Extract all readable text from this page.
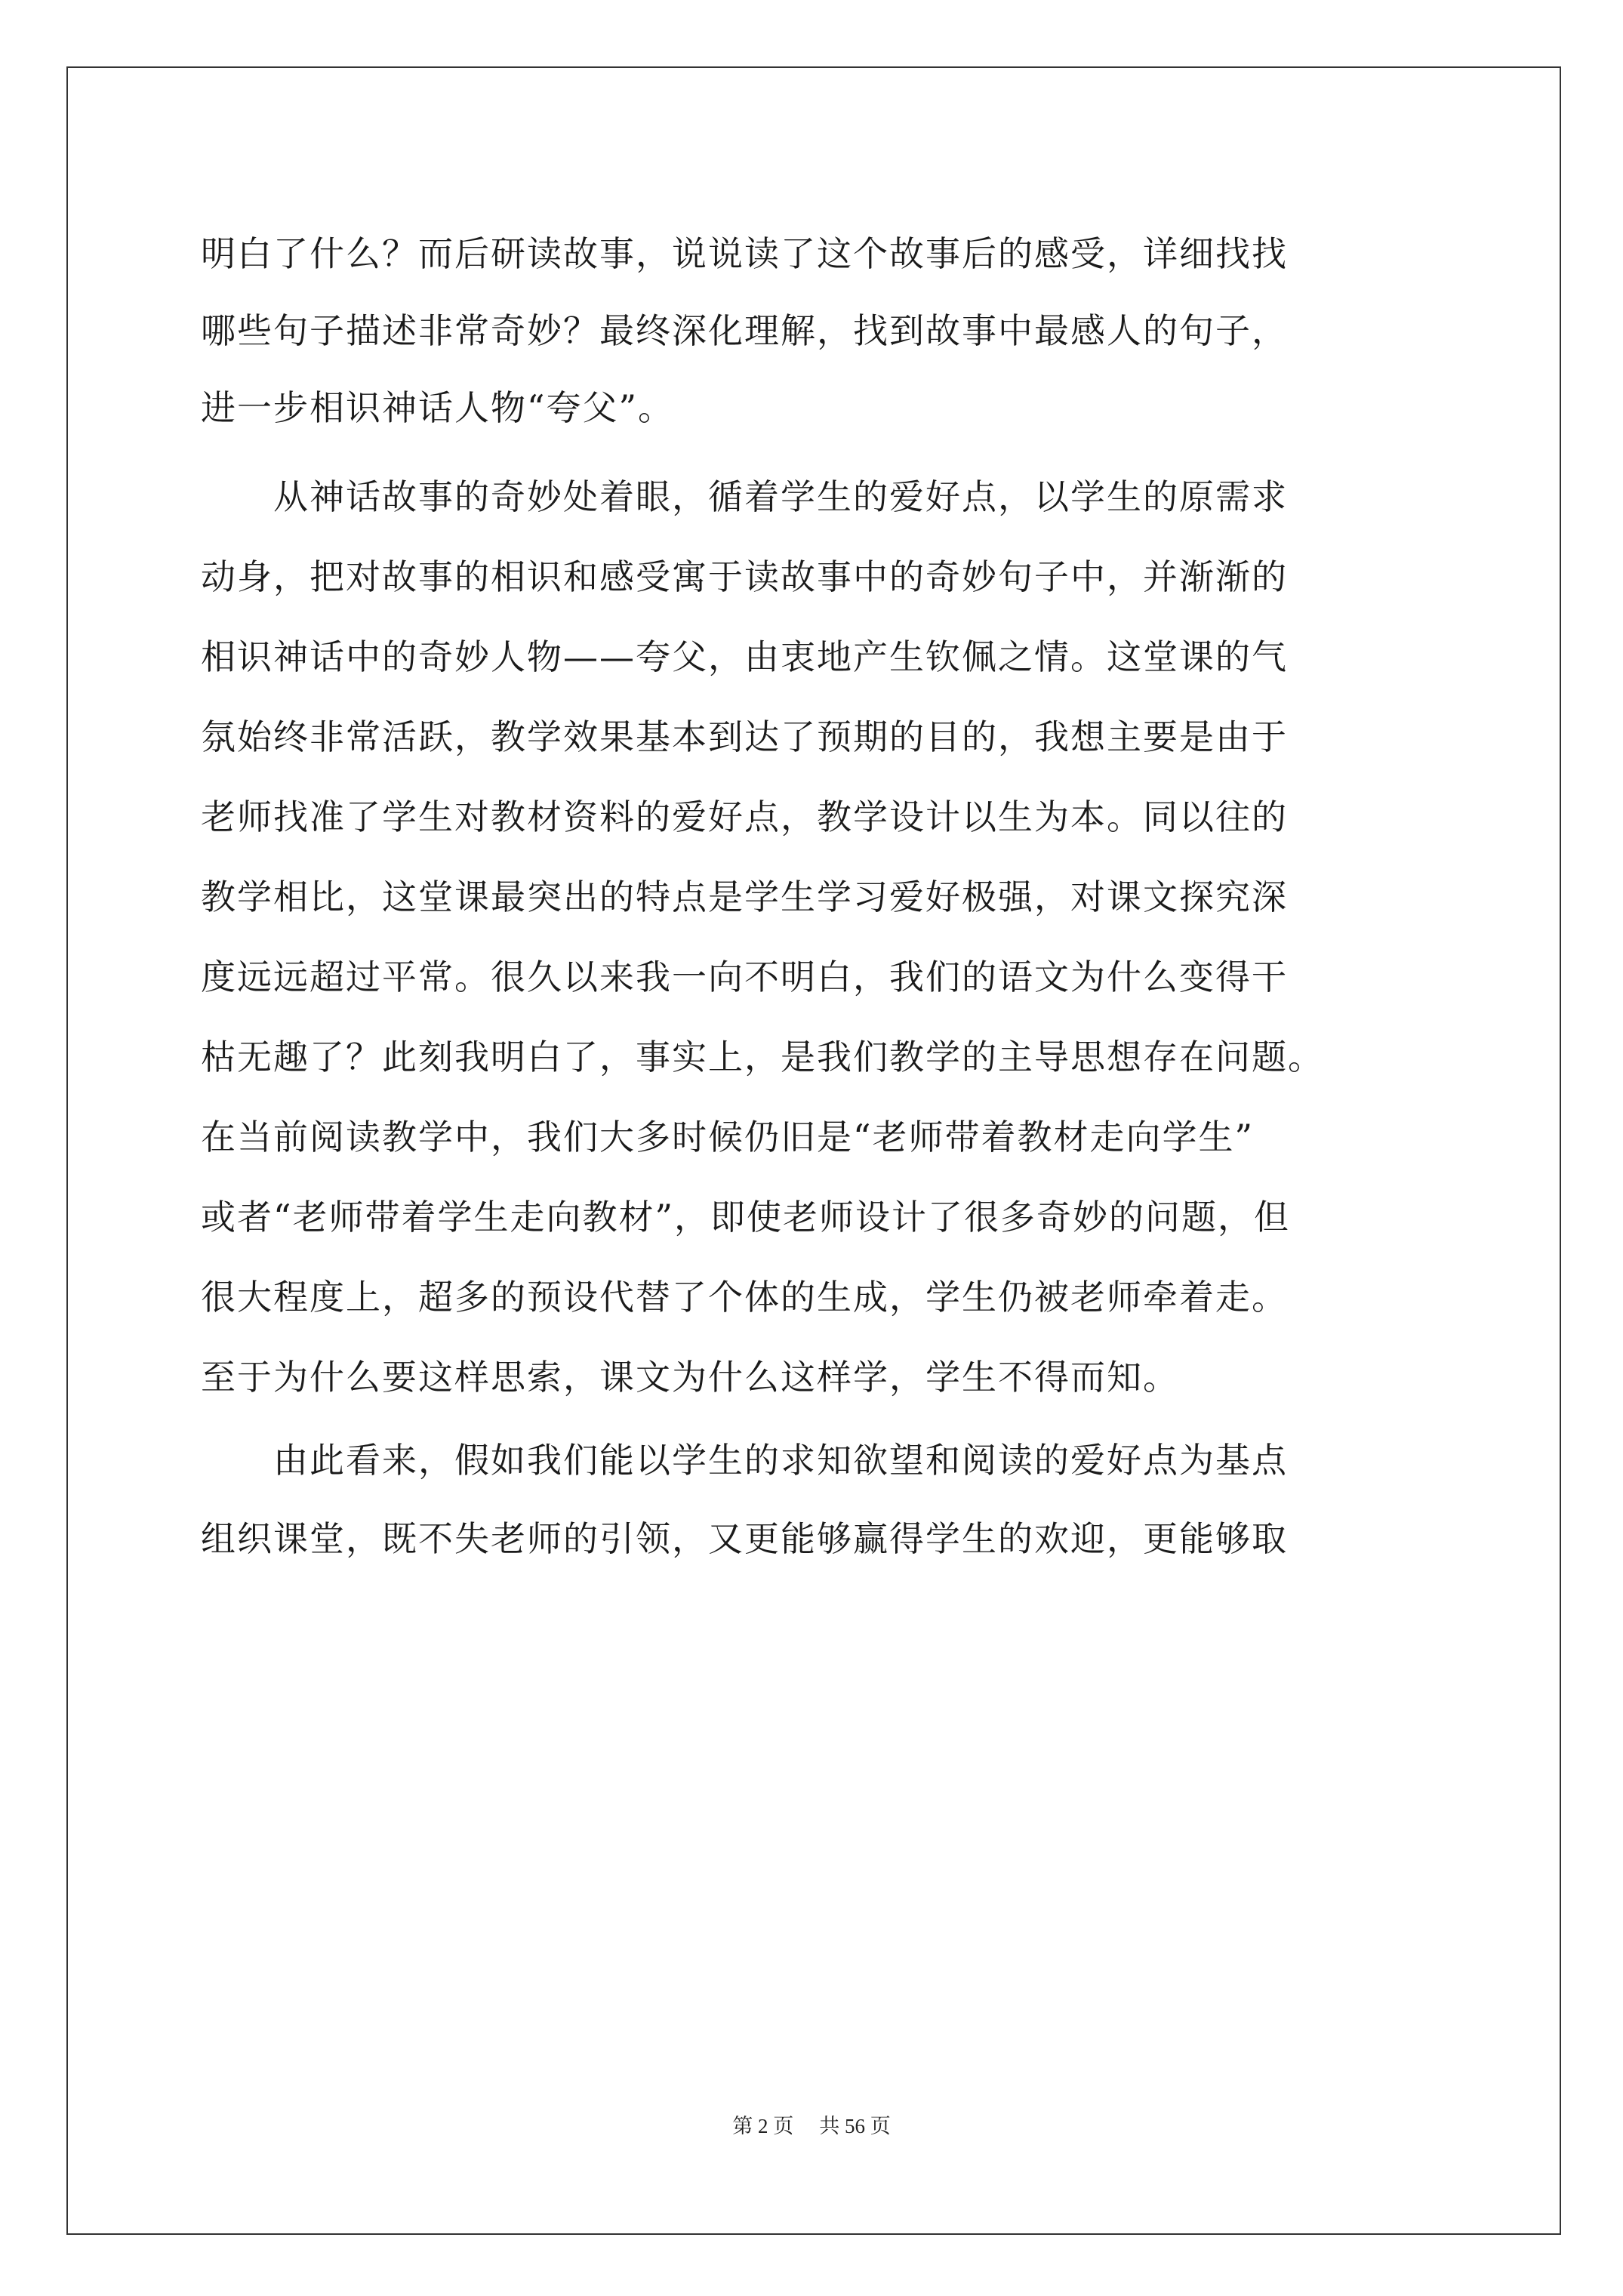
明白了什么？而后研读故事，说说读了这个故事后的感受，详细找找
哪些句子描述非常奇妙？最终深化理解，找到故事中最感人的句子，
进一步相识神话人物“夸父”。
从神话故事的奇妙处着眼，循着学生的爱好点，以学生的原需求
动身，把对故事的相识和感受寓于读故事中的奇妙句子中，并渐渐的
相识神话中的奇妙人物——夸父，由衷地产生钦佩之情。这堂课的气
氛始终非常活跃，教学效果基本到达了预期的目的，我想主要是由于
老师找准了学生对教材资料的爱好点，教学设计以生为本。同以往的
教学相比，这堂课最突出的特点是学生学习爱好极强，对课文探究深
度远远超过平常。很久以来我一向不明白，我们的语文为什么变得干
枯无趣了？此刻我明白了，事实上，是我们教学的主导思想存在问题。
在当前阅读教学中，我们大多时候仍旧是“老师带着教材走向学生”
或者“老师带着学生走向教材”，即使老师设计了很多奇妙的问题，但
很大程度上，超多的预设代替了个体的生成，学生仍被老师牵着走。
至于为什么要这样思索，课文为什么这样学，学生不得而知。
由此看来，假如我们能以学生的求知欲望和阅读的爱好点为基点
组织课堂，既不失老师的引领，又更能够赢得学生的欢迎，更能够取
第 2 页 共 56 页
